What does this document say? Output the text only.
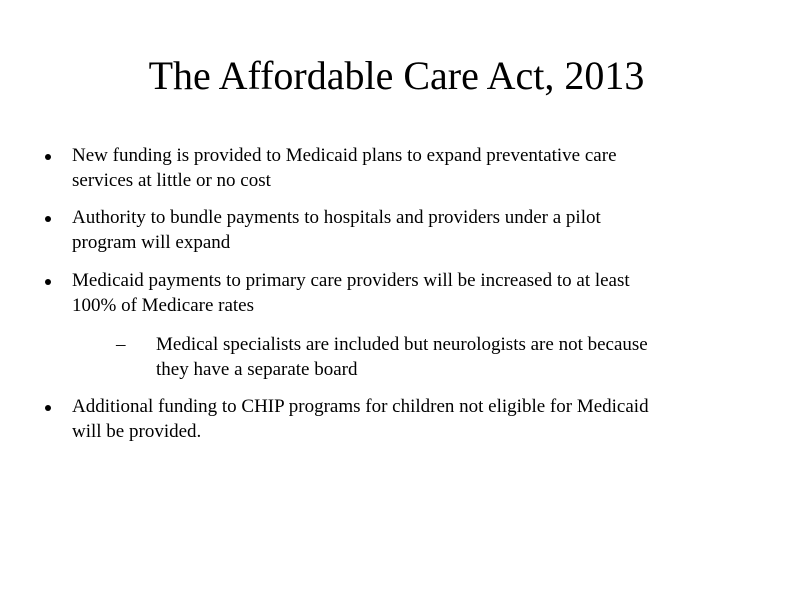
The Affordable Care Act, 2013
New funding is provided to Medicaid plans to expand preventative care
services at little or no cost
Authority to bundle payments to hospitals and providers under a pilot
program will expand
Medicaid payments to primary care providers will be increased to at least
100% of Medicare rates
– Medical specialists are included but neurologists are not because
they have a separate board
Additional funding to CHIP programs for children not eligible for Medicaid
will be provided.
